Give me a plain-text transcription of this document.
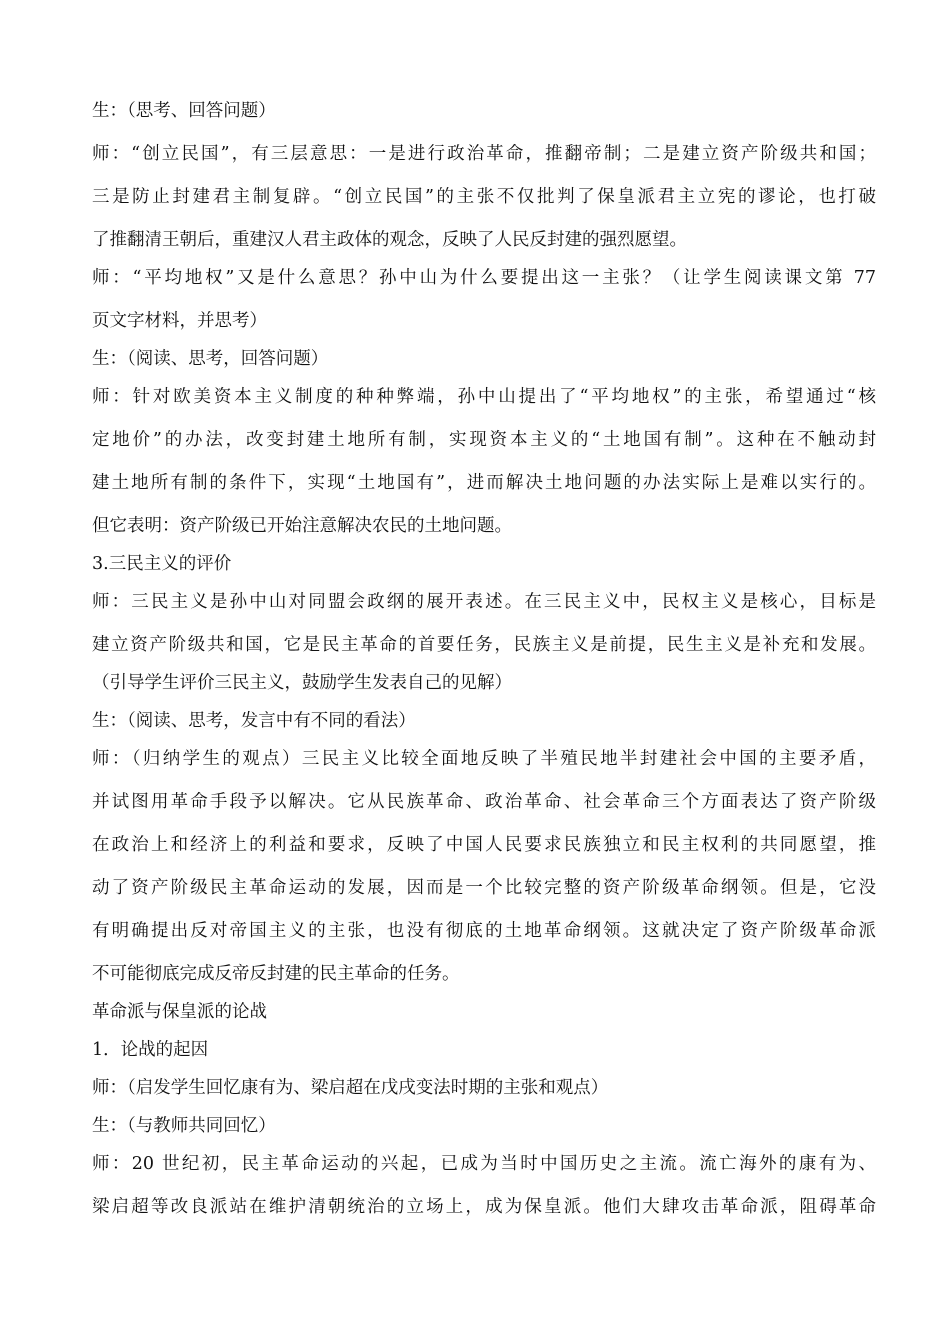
生：（思考、回答问题）
师：“创立民国”，有三层意思：一是进行政治革命，推翻帝制；二是建立资产阶级共和国；
三是防止封建君主制复辟。“创立民国”的主张不仅批判了保皇派君主立宪的谬论，也打破
了推翻清王朝后，重建汉人君主政体的观念，反映了人民反封建的强烈愿望。
师：“平均地权”又是什么意思？孙中山为什么要提出这一主张？（让学生阅读课文第 77
页文字材料，并思考）
生：（阅读、思考，回答问题）
师：针对欧美资本主义制度的种种弊端，孙中山提出了“平均地权”的主张，希望通过“核
定地价”的办法，改变封建土地所有制，实现资本主义的“土地国有制”。这种在不触动封
建土地所有制的条件下，实现“土地国有”，进而解决土地问题的办法实际上是难以实行的。
但它表明：资产阶级已开始注意解决农民的土地问题。
3.三民主义的评价
师：三民主义是孙中山对同盟会政纲的展开表述。在三民主义中，民权主义是核心，目标是
建立资产阶级共和国，它是民主革命的首要任务，民族主义是前提，民生主义是补充和发展。
（引导学生评价三民主义，鼓励学生发表自己的见解）
生：（阅读、思考，发言中有不同的看法）
师：（归纳学生的观点）三民主义比较全面地反映了半殖民地半封建社会中国的主要矛盾，
并试图用革命手段予以解决。它从民族革命、政治革命、社会革命三个方面表达了资产阶级
在政治上和经济上的利益和要求，反映了中国人民要求民族独立和民主权利的共同愿望，推
动了资产阶级民主革命运动的发展，因而是一个比较完整的资产阶级革命纲领。但是，它没
有明确提出反对帝国主义的主张，也没有彻底的土地革命纲领。这就决定了资产阶级革命派
不可能彻底完成反帝反封建的民主革命的任务。
革命派与保皇派的论战
1．论战的起因
师：（启发学生回忆康有为、梁启超在戊戌变法时期的主张和观点）
生：（与教师共同回忆）
师：20 世纪初，民主革命运动的兴起，已成为当时中国历史之主流。流亡海外的康有为、
梁启超等改良派站在维护清朝统治的立场上，成为保皇派。他们大肆攻击革命派，阻碍革命
